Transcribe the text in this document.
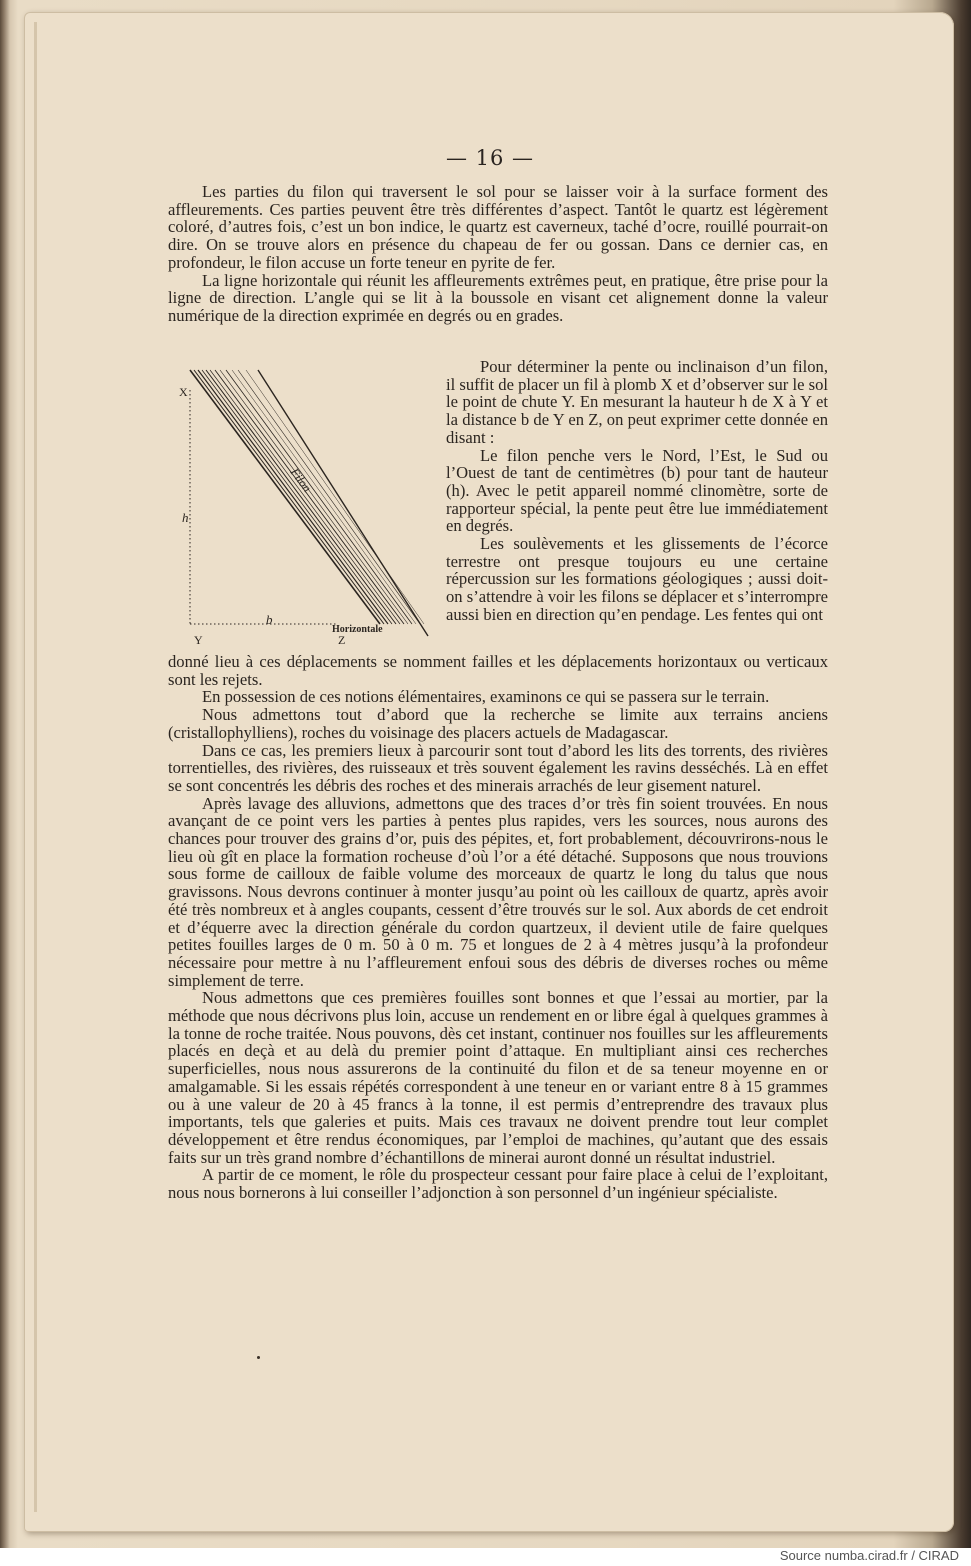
— 16 —

Les parties du filon qui traversent le sol pour se laisser voir à la surface forment des affleurements. Ces parties peuvent être très différentes d’aspect. Tantôt le quartz est légèrement coloré, d’autres fois, c’est un bon indice, le quartz est caverneux, taché d’ocre, rouillé pourrait-on dire. On se trouve alors en présence du chapeau de fer ou gossan. Dans ce dernier cas, en profondeur, le filon accuse un forte teneur en pyrite de fer.

La ligne horizontale qui réunit les affleurements extrêmes peut, en pratique, être prise pour la ligne de direction. L’angle qui se lit à la boussole en visant cet alignement donne la valeur numérique de la direction exprimée en degrés ou en grades.

X
h
Y
b
Z
Filon
Horizontale

Pour déterminer la pente ou inclinaison d’un filon, il suffit de placer un fil à plomb X et d’observer sur le sol le point de chute Y. En mesurant la hauteur h de X à Y et la distance b de Y en Z, on peut exprimer cette donnée en disant :

Le filon penche vers le Nord, l’Est, le Sud ou l’Ouest de tant de centimètres (b) pour tant de hauteur (h). Avec le petit appareil nommé clinomètre, sorte de rapporteur spécial, la pente peut être lue immédiatement en degrés.

Les soulèvements et les glissements de l’écorce terrestre ont presque toujours eu une certaine répercussion sur les formations géologiques ; aussi doit-on s’attendre à voir les filons se déplacer et s’interrompre aussi bien en direction qu’en pendage. Les fentes qui ont

donné lieu à ces déplacements se nomment failles et les déplacements horizontaux ou verticaux sont les rejets.

En possession de ces notions élémentaires, examinons ce qui se passera sur le terrain.

Nous admettons tout d’abord que la recherche se limite aux terrains anciens (cristallophylliens), roches du voisinage des placers actuels de Madagascar.

Dans ce cas, les premiers lieux à parcourir sont tout d’abord les lits des torrents, des rivières torrentielles, des rivières, des ruisseaux et très souvent également les ravins desséchés. Là en effet se sont concentrés les débris des roches et des minerais arrachés de leur gisement naturel.

Après lavage des alluvions, admettons que des traces d’or très fin soient trouvées. En nous avançant de ce point vers les parties à pentes plus rapides, vers les sources, nous aurons des chances pour trouver des grains d’or, puis des pépites, et, fort probablement, découvrirons-nous le lieu où gît en place la formation rocheuse d’où l’or a été détaché. Supposons que nous trouvions sous forme de cailloux de faible volume des morceaux de quartz le long du talus que nous gravissons. Nous devrons continuer à monter jusqu’au point où les cailloux de quartz, après avoir été très nombreux et à angles coupants, cessent d’être trouvés sur le sol. Aux abords de cet endroit et d’équerre avec la direction générale du cordon quartzeux, il devient utile de faire quelques petites fouilles larges de 0 m. 50 à 0 m. 75 et longues de 2 à 4 mètres jusqu’à la profondeur nécessaire pour mettre à nu l’affleurement enfoui sous des débris de diverses roches ou même simplement de terre.

Nous admettons que ces premières fouilles sont bonnes et que l’essai au mortier, par la méthode que nous décrivons plus loin, accuse un rendement en or libre égal à quelques grammes à la tonne de roche traitée. Nous pouvons, dès cet instant, continuer nos fouilles sur les affleurements placés en deçà et au delà du premier point d’attaque. En multipliant ainsi ces recherches superficielles, nous nous assurerons de la continuité du filon et de sa teneur moyenne en or amalgamable. Si les essais répétés correspondent à une teneur en or variant entre 8 à 15 grammes ou à une valeur de 20 à 45 francs à la tonne, il est permis d’entreprendre des travaux plus importants, tels que galeries et puits. Mais ces travaux ne doivent prendre tout leur complet développement et être rendus économiques, par l’emploi de machines, qu’autant que des essais faits sur un très grand nombre d’échantillons de minerai auront donné un résultat industriel.

A partir de ce moment, le rôle du prospecteur cessant pour faire place à celui de l’exploitant, nous nous bornerons à lui conseiller l’adjonction à son personnel d’un ingénieur spécialiste.

Source numba.cirad.fr / CIRAD
